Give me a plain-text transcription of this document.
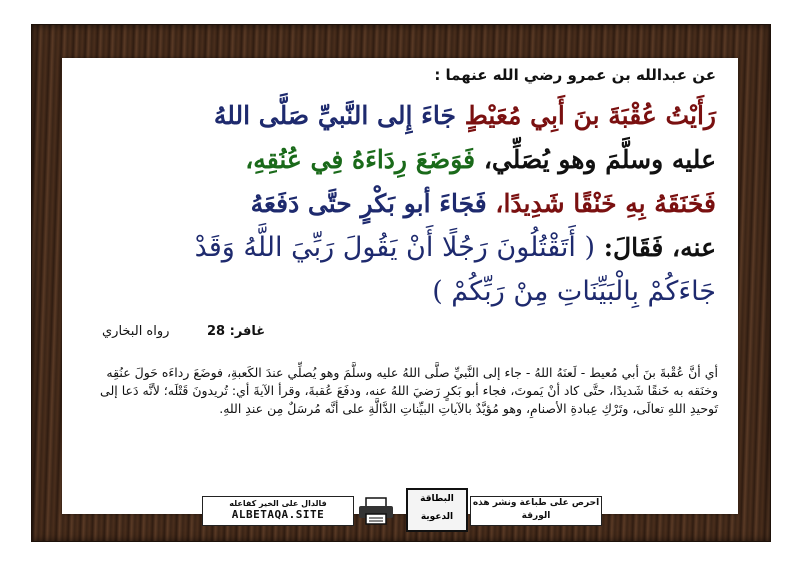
عن عبدالله بن عمرو رضي الله عنهما :
رَأَيْتُ عُقْبَةَ بنَ أَبِي مُعَيْطٍ جَاءَ إِلى النَّبيِّ صَلَّى اللهُ
عليه وسلَّمَ وهو يُصَلِّي، فَوَضَعَ رِدَاءَهُ فِي عُنُقِهِ،
فَخَنَقَهُ بِهِ خَنْقًا شَدِيدًا، فَجَاءَ أبو بَكْرٍ حتَّى دَفَعَهُ
عنه، فَقَالَ: ( أَتَقْتُلُونَ رَجُلًا أَنْ يَقُولَ رَبِّيَ اللَّهُ وَقَدْ
جَاءَكُمْ بِالْبَيِّنَاتِ مِنْ رَبِّكُمْ )
غافر: 28
رواه البخاري
أي أنَّ عُقْبةَ بنَ أبي مُعيط - لَعنَهُ اللهُ - جاء إلى النَّبيِّ صلَّى اللهُ عليه وسلَّمَ وهو يُصلِّي عندَ الكَعبةِ، فوضَعَ رداءَه حَولَ عنُقِه وخنَقه به خَنقًا شَديدًا، حتَّى كاد أنْ يَموتَ، فجاء أبو بَكرٍ رَضيَ اللهُ عنه، ودفَعَ عُقبةَ، وقرأ الآيةَ أي: تُريدونَ قَتْلَه؛ لأنَّه دَعا إلى تَوحيدِ اللهِ تعالَى، وتَرْكِ عِبادةِ الأصنامِ، وهو مُؤيَّدٌ بالآياتِ البيِّناتِ الدَّالَّةِ على أنَّه مُرسَلٌ مِن عندِ اللهِ.
فالدال على الخير كفاعله
ALBETAQA.SITE
البطاقة
الدعوية
احرص على طباعة ونشر هذه الورقة
